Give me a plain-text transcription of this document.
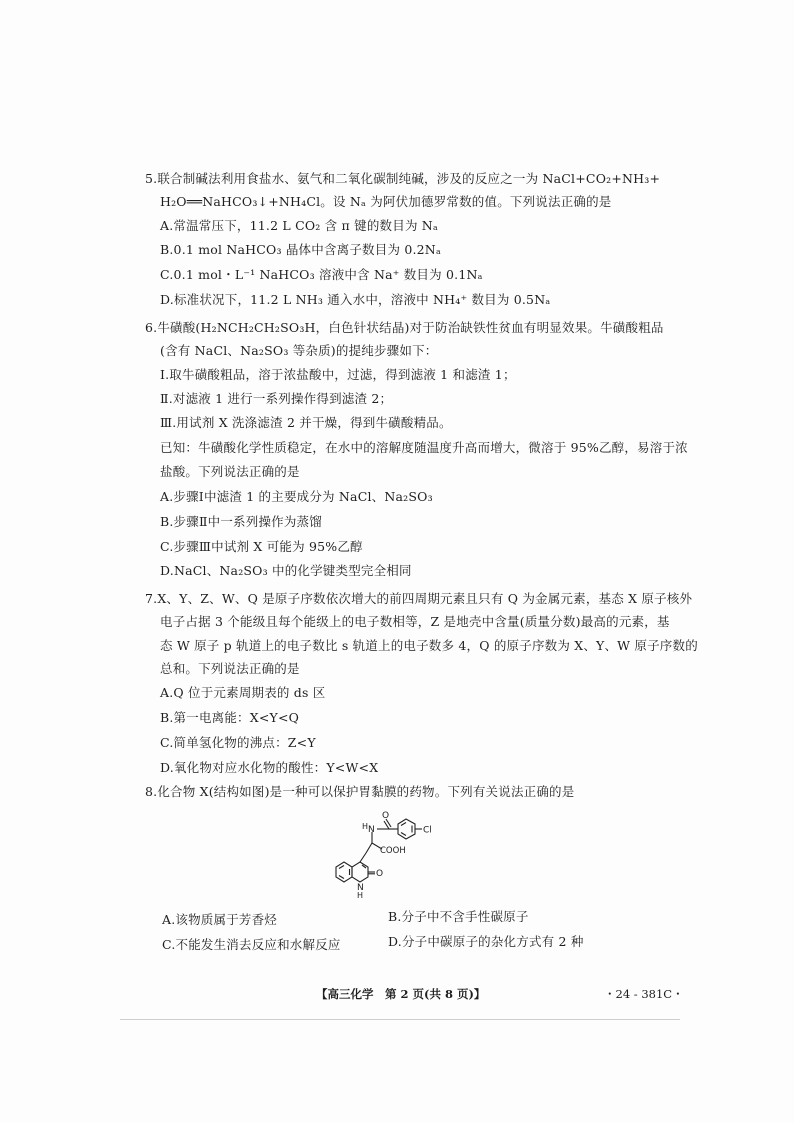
5.联合制碱法利用食盐水、氨气和二氧化碳制纯碱，涉及的反应之一为 NaCl+CO₂+NH₃+
H₂O══NaHCO₃↓+NH₄Cl。设 Nₐ 为阿伏加德罗常数的值。下列说法正确的是
A.常温常压下，11.2 L CO₂ 含 π 键的数目为 Nₐ
B.0.1 mol NaHCO₃ 晶体中含离子数目为 0.2Nₐ
C.0.1 mol・L⁻¹ NaHCO₃ 溶液中含 Na⁺ 数目为 0.1Nₐ
D.标准状况下，11.2 L NH₃ 通入水中，溶液中 NH₄⁺ 数目为 0.5Nₐ
6.牛磺酸(H₂NCH₂CH₂SO₃H，白色针状结晶)对于防治缺铁性贫血有明显效果。牛磺酸粗品
(含有 NaCl、Na₂SO₃ 等杂质)的提纯步骤如下：
Ⅰ.取牛磺酸粗品，溶于浓盐酸中，过滤，得到滤液 1 和滤渣 1；
Ⅱ.对滤液 1 进行一系列操作得到滤渣 2；
Ⅲ.用试剂 X 洗涤滤渣 2 并干燥，得到牛磺酸精品。
已知：牛磺酸化学性质稳定，在水中的溶解度随温度升高而增大，微溶于 95%乙醇，易溶于浓
盐酸。下列说法正确的是
A.步骤Ⅰ中滤渣 1 的主要成分为 NaCl、Na₂SO₃
B.步骤Ⅱ中一系列操作为蒸馏
C.步骤Ⅲ中试剂 X 可能为 95%乙醇
D.NaCl、Na₂SO₃ 中的化学键类型完全相同
7.X、Y、Z、W、Q 是原子序数依次增大的前四周期元素且只有 Q 为金属元素，基态 X 原子核外
电子占据 3 个能级且每个能级上的电子数相等，Z 是地壳中含量(质量分数)最高的元素，基
态 W 原子 p 轨道上的电子数比 s 轨道上的电子数多 4，Q 的原子序数为 X、Y、W 原子序数的
总和。下列说法正确的是
A.Q 位于元素周期表的 ds 区
B.第一电离能：X<Y<Q
C.简单氢化物的沸点：Z<Y
D.氧化物对应水化物的酸性：Y<W<X
8.化合物 X(结构如图)是一种可以保护胃黏膜的药物。下列有关说法正确的是
Cl
O
N
H
COOH
N
H
O
A.该物质属于芳香烃	B.分子中不含手性碳原子
C.不能发生消去反应和水解反应	D.分子中碳原子的杂化方式有 2 种
【高三化学　第 2 页(共 8 页)】	・24 - 381C・
